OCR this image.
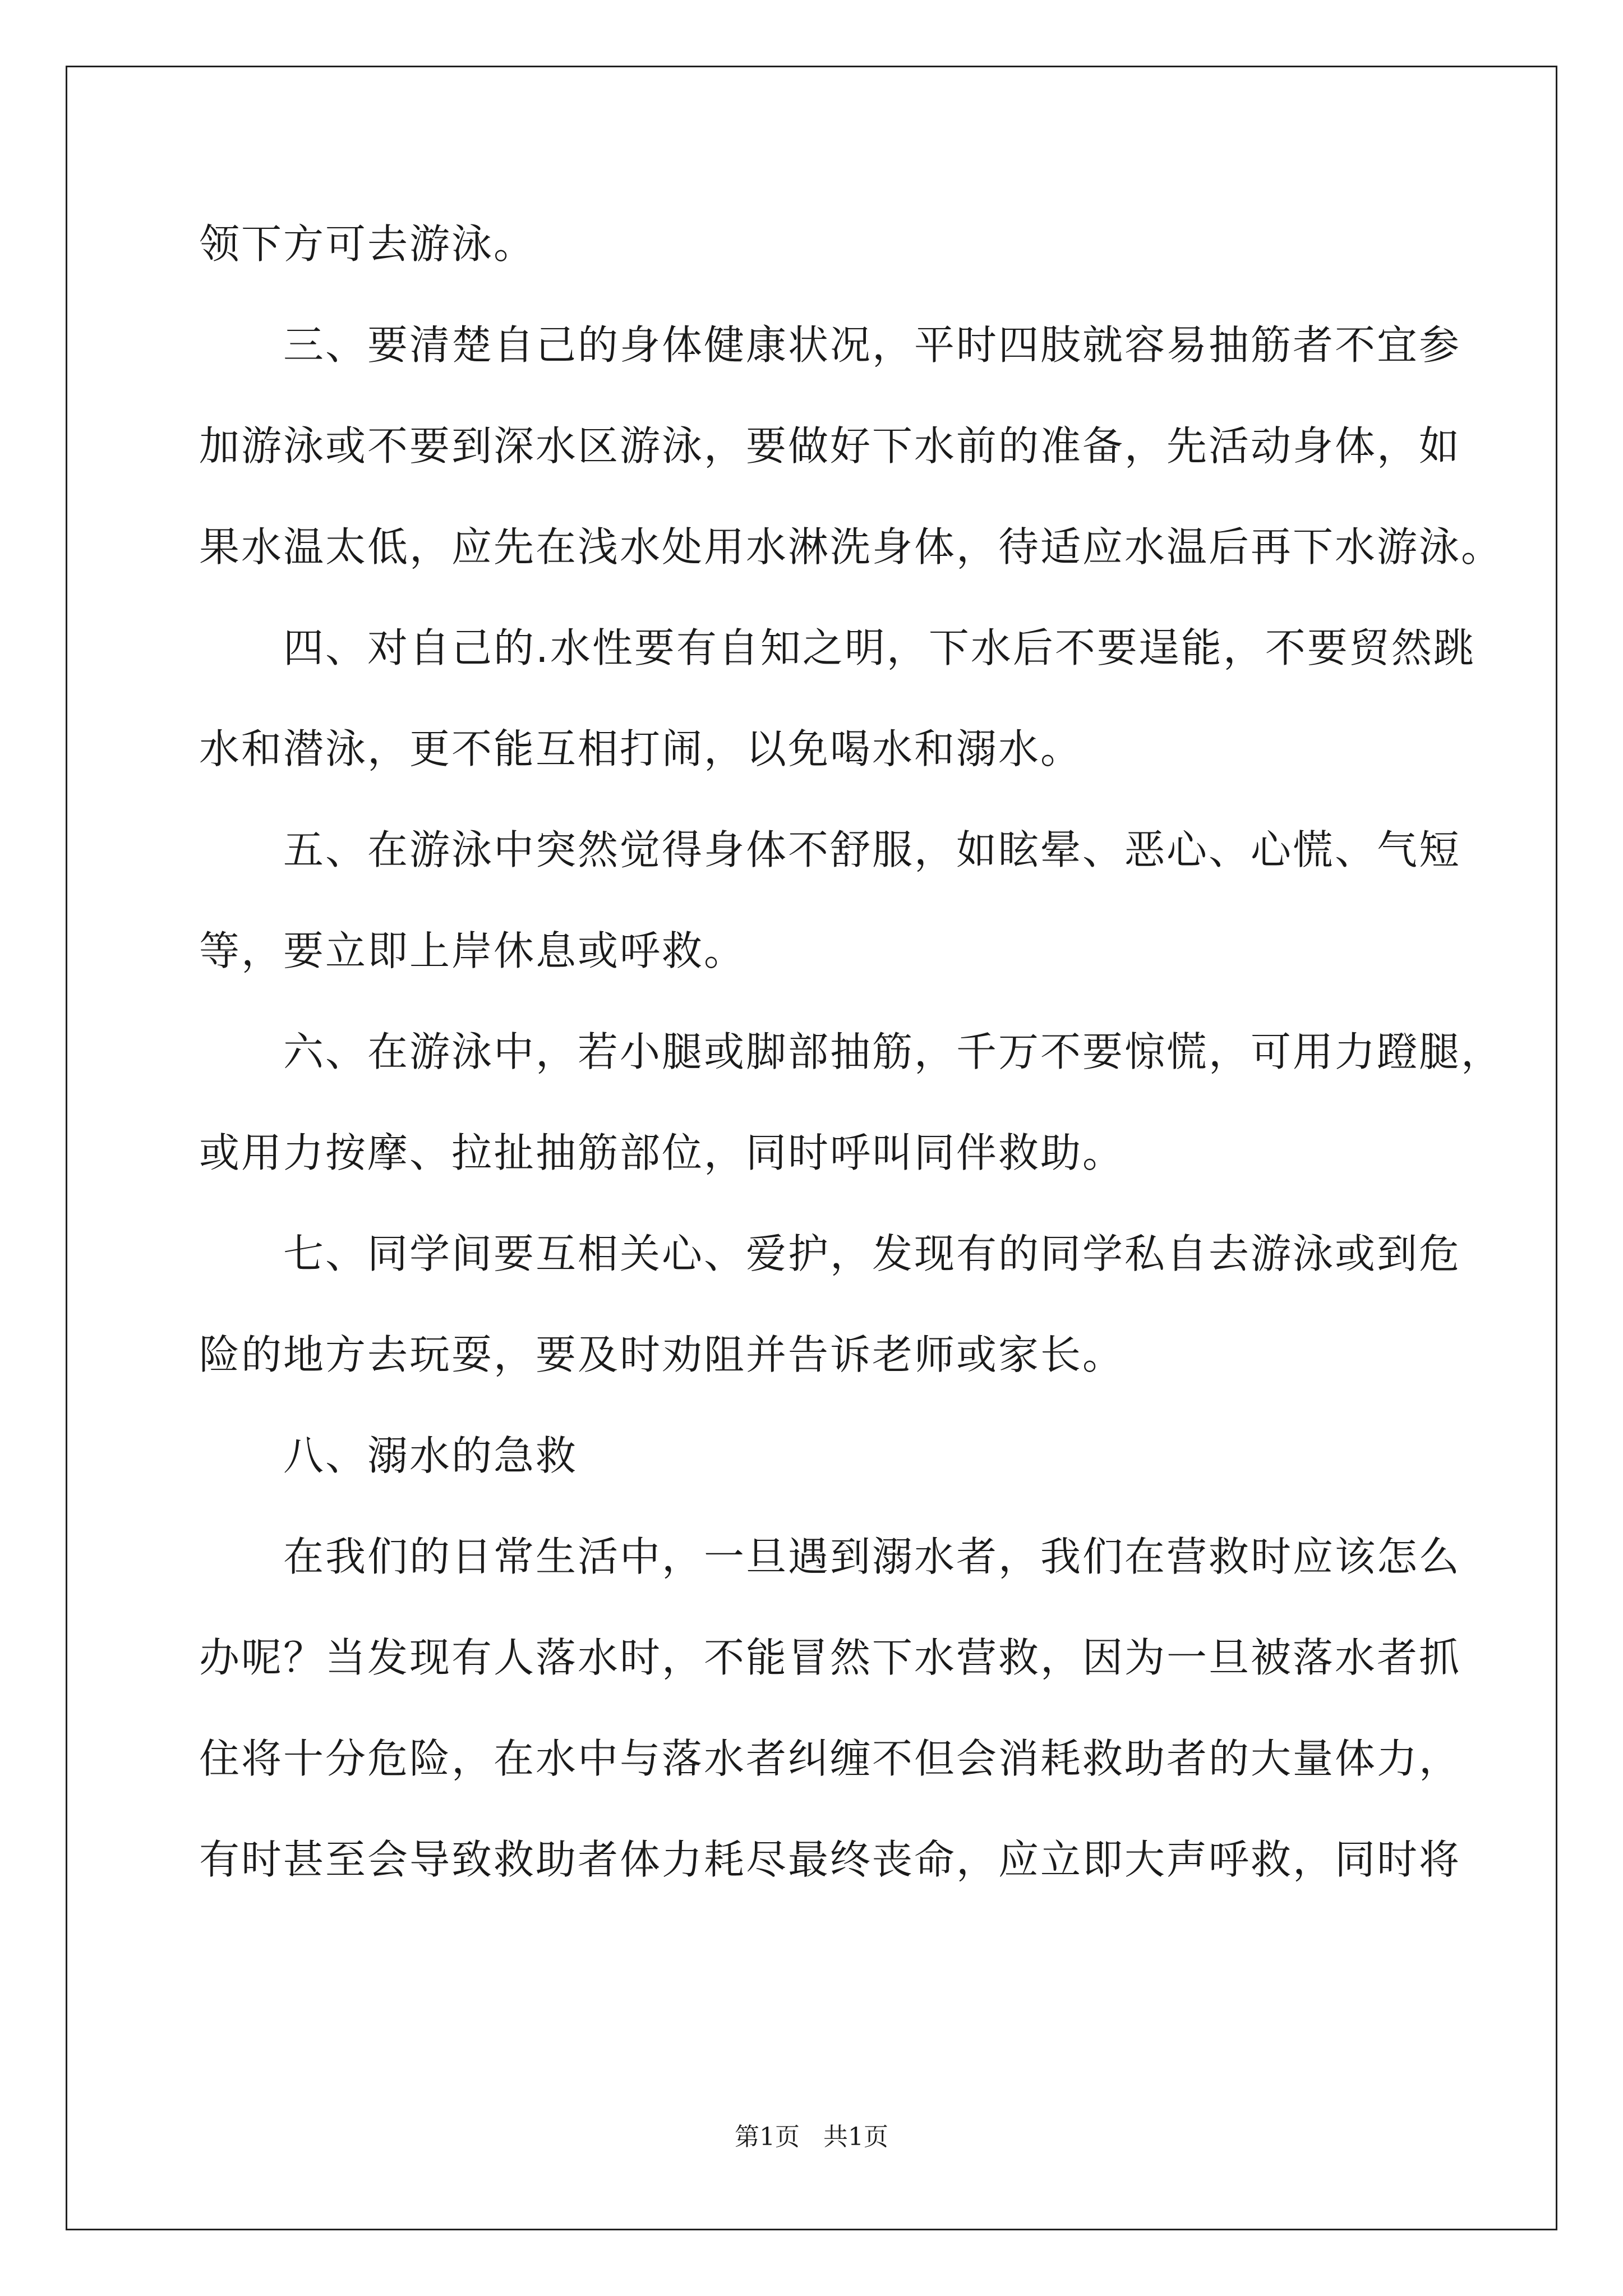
领下方可去游泳。

三、要清楚自己的身体健康状况，平时四肢就容易抽筋者不宜参

加游泳或不要到深水区游泳，要做好下水前的准备，先活动身体，如

果水温太低，应先在浅水处用水淋洗身体，待适应水温后再下水游泳。

四、对自己的.水性要有自知之明，下水后不要逞能，不要贸然跳

水和潜泳，更不能互相打闹，以免喝水和溺水。

五、在游泳中突然觉得身体不舒服，如眩晕、恶心、心慌、气短

等，要立即上岸休息或呼救。

六、在游泳中，若小腿或脚部抽筋，千万不要惊慌，可用力蹬腿，

或用力按摩、拉扯抽筋部位，同时呼叫同伴救助。

七、同学间要互相关心、爱护，发现有的同学私自去游泳或到危

险的地方去玩耍，要及时劝阻并告诉老师或家长。

八、溺水的急救

在我们的日常生活中，一旦遇到溺水者，我们在营救时应该怎么

办呢？当发现有人落水时，不能冒然下水营救，因为一旦被落水者抓

住将十分危险，在水中与落水者纠缠不但会消耗救助者的大量体力，

有时甚至会导致救助者体力耗尽最终丧命，应立即大声呼救，同时将

第1页   共1页
